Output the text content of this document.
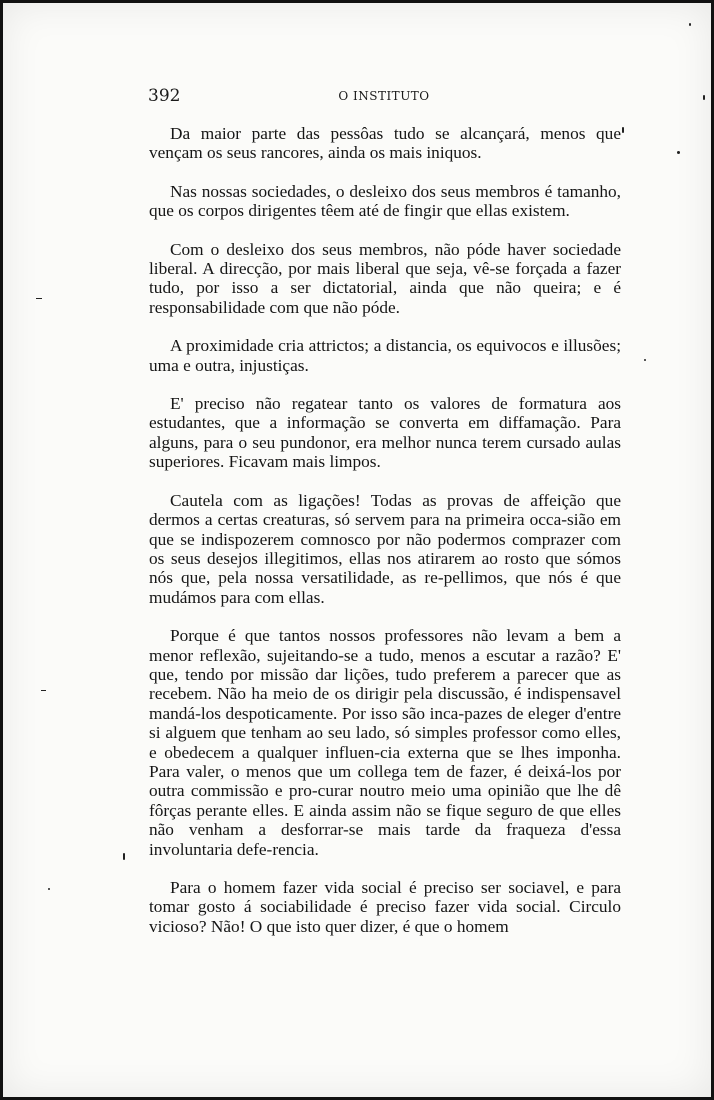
392	O INSTITUTO

Da maior parte das pessôas tudo se alcançará, menos que vençam os seus rancores, ainda os mais iniquos.

Nas nossas sociedades, o desleixo dos seus membros é tamanho, que os corpos dirigentes têem até de fingir que ellas existem.

Com o desleixo dos seus membros, não póde haver sociedade liberal. A direcção, por mais liberal que seja, vê-se forçada a fazer tudo, por isso a ser dictatorial, ainda que não queira; e é responsabilidade com que não póde.

A proximidade cria attrictos; a distancia, os equivocos e illusões; uma e outra, injustiças.

E' preciso não regatear tanto os valores de formatura aos estudantes, que a informação se converta em diffamação. Para alguns, para o seu pundonor, era melhor nunca terem cursado aulas superiores. Ficavam mais limpos.

Cautela com as ligações! Todas as provas de affeição que dermos a certas creaturas, só servem para na primeira occa-sião em que se indispozerem comnosco por não podermos comprazer com os seus desejos illegitimos, ellas nos atirarem ao rosto que sómos nós que, pela nossa versatilidade, as re-pellimos, que nós é que mudámos para com ellas.

Porque é que tantos nossos professores não levam a bem a menor reflexão, sujeitando-se a tudo, menos a escutar a razão? E' que, tendo por missão dar lições, tudo preferem a parecer que as recebem. Não ha meio de os dirigir pela discussão, é indispensavel mandá-los despoticamente. Por isso são inca-pazes de eleger d'entre si alguem que tenham ao seu lado, só simples professor como elles, e obedecem a qualquer influen-cia externa que se lhes imponha. Para valer, o menos que um collega tem de fazer, é deixá-los por outra commissão e pro-curar noutro meio uma opinião que lhe dê fôrças perante elles. E ainda assim não se fique seguro de que elles não venham a desforrar-se mais tarde da fraqueza d'essa involuntaria defe-rencia.

Para o homem fazer vida social é preciso ser sociavel, e para tomar gosto á sociabilidade é preciso fazer vida social. Circulo vicioso? Não! O que isto quer dizer, é que o homem
